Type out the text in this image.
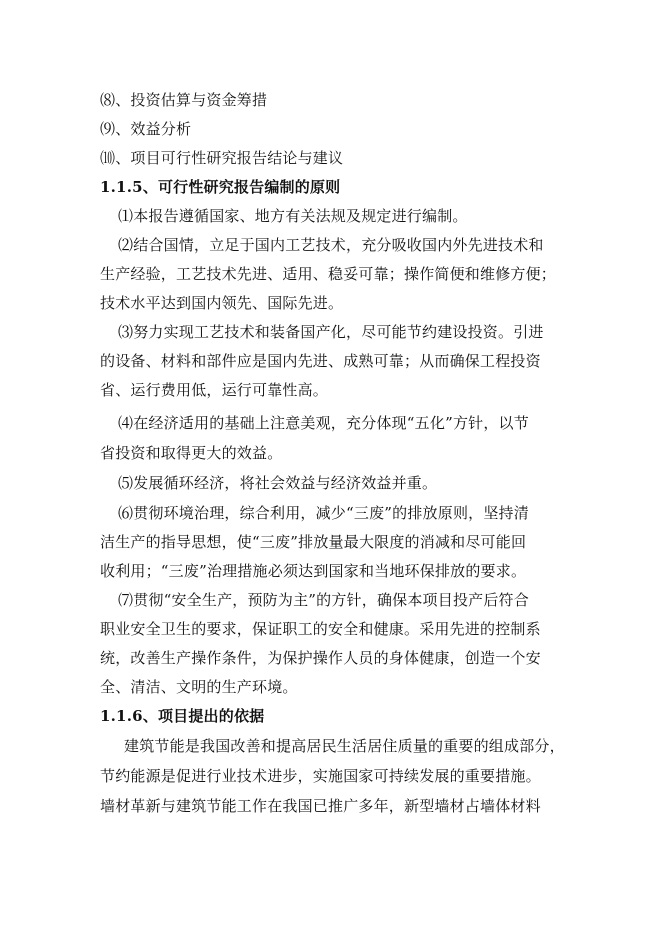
⑻、投资估算与资金筹措
⑼、效益分析
⑽、项目可行性研究报告结论与建议
1.1.5、可行性研究报告编制的原则
⑴本报告遵循国家、地方有关法规及规定进行编制。
⑵结合国情，立足于国内工艺技术，充分吸收国内外先进技术和
生产经验，工艺技术先进、适用、稳妥可靠；操作简便和维修方便；
技术水平达到国内领先、国际先进。
⑶努力实现工艺技术和装备国产化，尽可能节约建设投资。引进
的设备、材料和部件应是国内先进、成熟可靠；从而确保工程投资
省、运行费用低，运行可靠性高。
⑷在经济适用的基础上注意美观，充分体现“五化”方针，以节
省投资和取得更大的效益。
⑸发展循环经济，将社会效益与经济效益并重。
⑹贯彻环境治理，综合利用，减少“三废”的排放原则，坚持清
洁生产的指导思想，使“三废”排放量最大限度的消减和尽可能回
收利用；“三废”治理措施必须达到国家和当地环保排放的要求。
⑺贯彻“安全生产，预防为主”的方针，确保本项目投产后符合
职业安全卫生的要求，保证职工的安全和健康。采用先进的控制系
统，改善生产操作条件，为保护操作人员的身体健康，创造一个安
全、清洁、文明的生产环境。
1.1.6、项目提出的依据
建筑节能是我国改善和提高居民生活居住质量的重要的组成部分，
节约能源是促进行业技术进步，实施国家可持续发展的重要措施。
墙材革新与建筑节能工作在我国已推广多年，新型墙材占墙体材料
